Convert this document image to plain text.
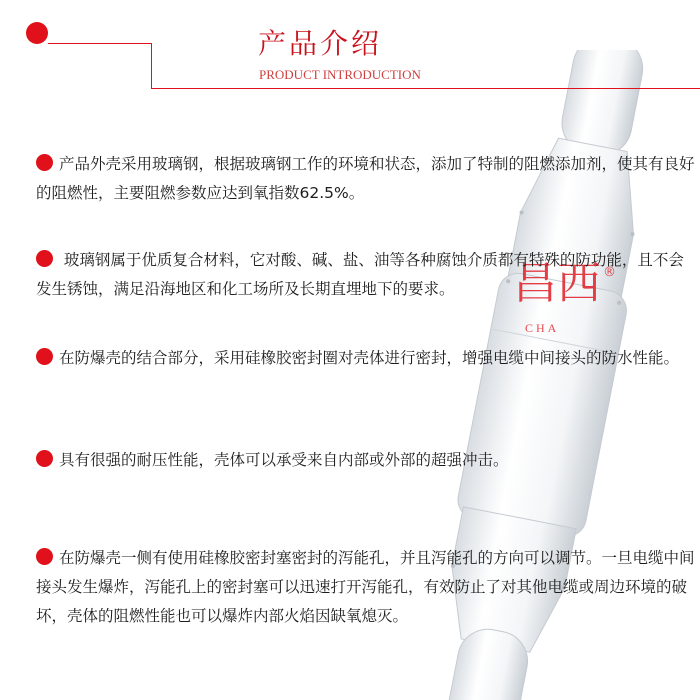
昌西
CHA
®
产品介绍
PRODUCT INTRODUCTION
产品外壳采用玻璃钢，根据玻璃钢工作的环境和状态，添加了特制的阻燃添加剂，使其有良好的阻燃性，主要阻燃参数应达到氧指数62.5%。
玻璃钢属于优质复合材料，它对酸、碱、盐、油等各种腐蚀介质都有特殊的防功能，且不会发生锈蚀，满足沿海地区和化工场所及长期直埋地下的要求。
在防爆壳的结合部分，采用硅橡胶密封圈对壳体进行密封，增强电缆中间接头的防水性能。
具有很强的耐压性能，壳体可以承受来自内部或外部的超强冲击。
在防爆壳一侧有使用硅橡胶密封塞密封的泻能孔，并且泻能孔的方向可以调节。一旦电缆中间接头发生爆炸，泻能孔上的密封塞可以迅速打开泻能孔，有效防止了对其他电缆或周边环境的破坏，壳体的阻燃性能也可以爆炸内部火焰因缺氧熄灭。
